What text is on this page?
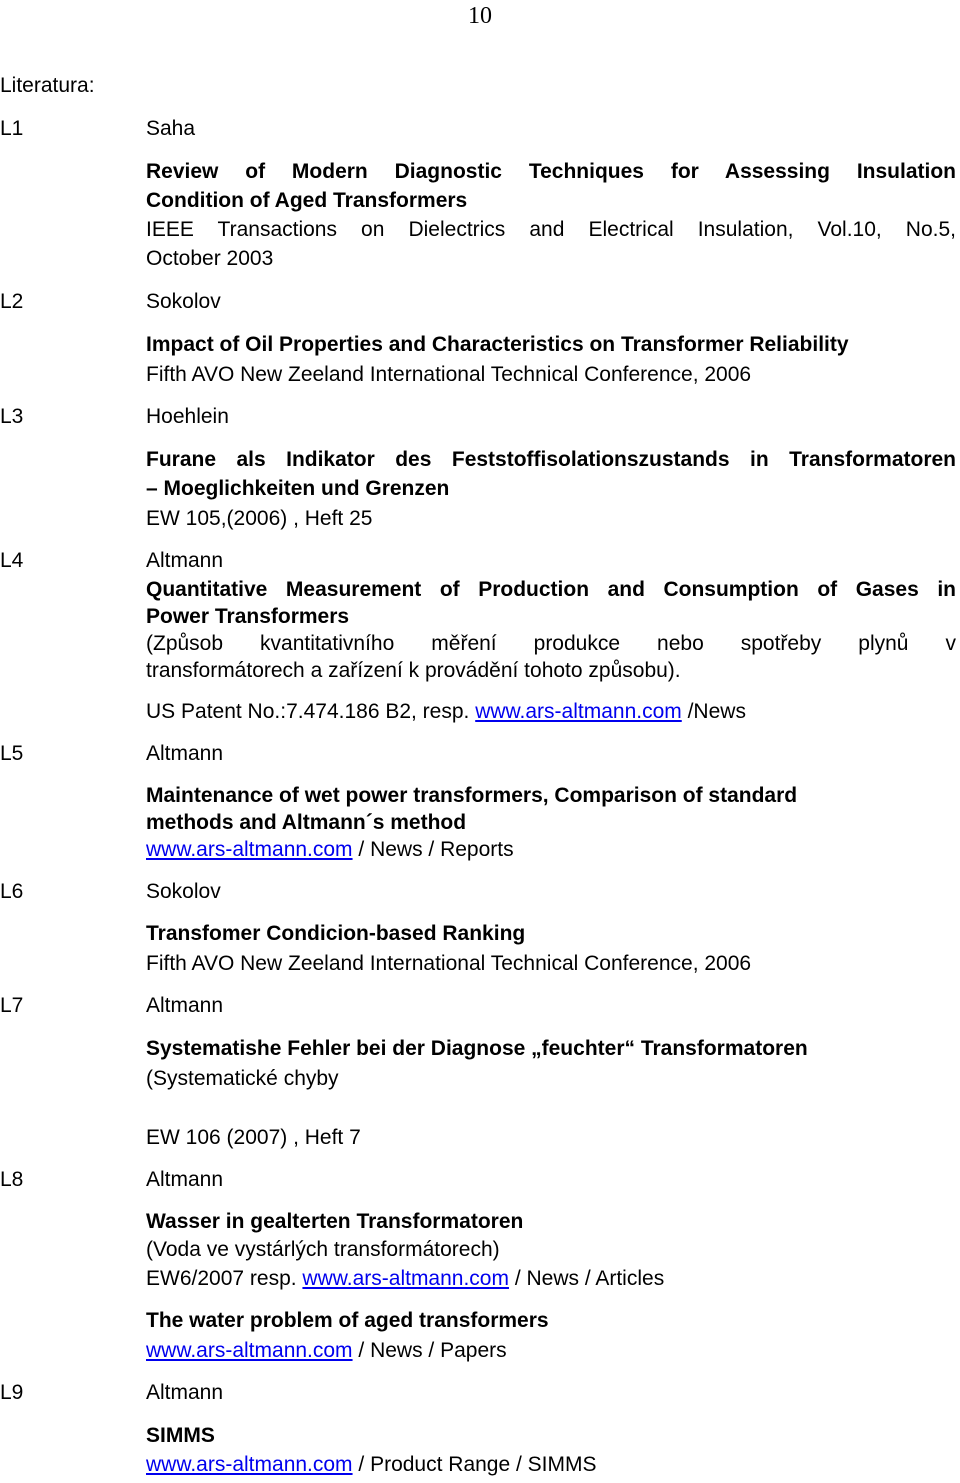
10
Literatura:
L1	Saha
Review of Modern Diagnostic Techniques for Assessing Insulation
Condition of Aged Transformers
IEEE Transactions on Dielectrics and Electrical Insulation, Vol.10, No.5,
October 2003
L2	Sokolov
Impact of Oil Properties and Characteristics on Transformer Reliability
Fifth AVO New Zeeland International Technical Conference, 2006
L3	Hoehlein
Furane als Indikator des Feststoffisolationszustands in Transformatoren
– Moeglichkeiten und Grenzen
EW 105,(2006) , Heft 25
L4	Altmann
Quantitative Measurement of Production and Consumption of Gases in
Power Transformers
(Způsob kvantitativního měření produkce nebo spotřeby plynů v
transformátorech a zařízení k provádění tohoto způsobu).
US Patent No.:7.474.186 B2, resp. www.ars-altmann.com /News
L5	Altmann
Maintenance of wet power transformers, Comparison of standard
methods and Altmann´s method
www.ars-altmann.com / News / Reports
L6	Sokolov
Transfomer Condicion-based Ranking
Fifth AVO New Zeeland International Technical Conference, 2006
L7	Altmann
Systematishe Fehler bei der Diagnose „feuchter“ Transformatoren
(Systematické chyby
EW 106 (2007) , Heft 7
L8	Altmann
Wasser in gealterten Transformatoren
(Voda ve vystárlých transformátorech)
EW6/2007 resp. www.ars-altmann.com / News / Articles
The water problem of aged transformers
www.ars-altmann.com / News / Papers
L9	Altmann
SIMMS
www.ars-altmann.com / Product Range / SIMMS
